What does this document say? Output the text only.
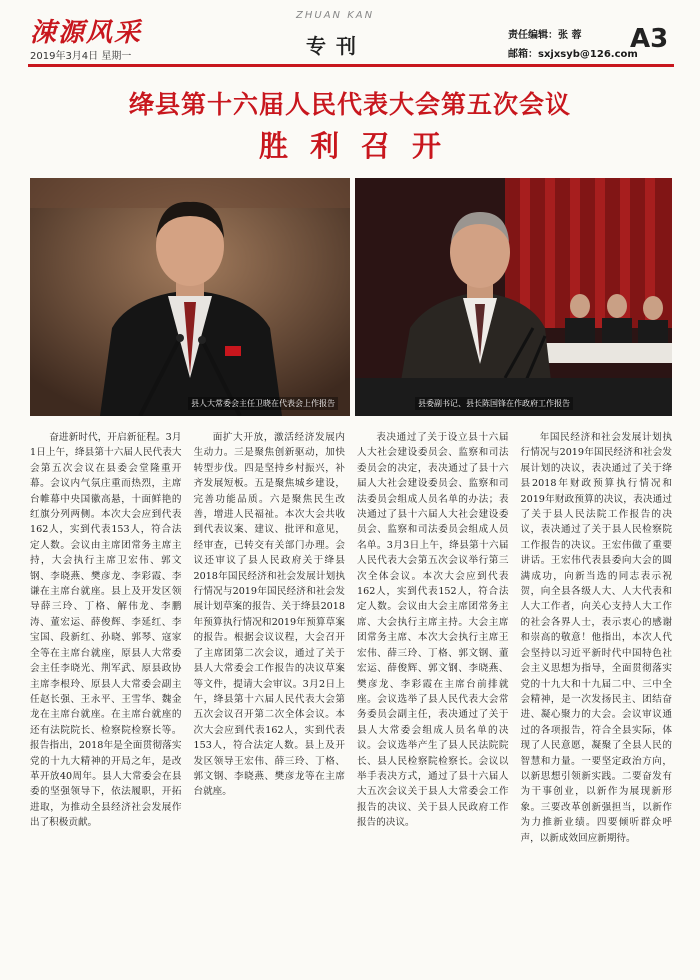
涑源风采
2019年3月4日 星期一
ZHUAN KAN
专刊	责任编辑：张 蓉
邮箱：sxjxsyb@126.com
A3
绛县第十六届人民代表大会第五次会议
胜利召开
县人大常委会主任卫晓在代表会上作报告	县委副书记、县长陈国锋在作政府工作报告

奋进新时代，开启新征程。3月1日上午，绛县第十六届人民代表大会第五次会议在县委会堂隆重开幕。会议内气氛庄重而热烈，主席台帷幕中央国徽高悬，十面鲜艳的红旗分列两侧。本次大会应到代表162人，实到代表153人，符合法定人数。会议由主席团常务主席主持，大会执行主席卫宏伟、郭文钢、李晓燕、樊彦龙、李彩霞、李谦在主席台就座。县上及开发区领导薛三玲、丁格、解伟龙、李鹏涛、董宏运、薛俊辉、李延红、李宝国、段新红、孙晓、郭琴、寇家全等在主席台就座，原县人大常委会主任李晓光、荆军武、原县政协主席李根玲、原县人大常委会副主任赵长强、王永平、王雪华、魏金龙在主席台就座。在主席台就座的还有法院院长、检察院检察长等。报告指出，2018年是全面贯彻落实党的十九大精神的开局之年，是改革开放40周年。县人大常委会在县委的坚强领导下，依法履职，开拓进取，为推动全县经济社会发展作出了积极贡献。

面扩大开放，激活经济发展内生动力。三是聚焦创新驱动，加快转型步伐。四是坚持乡村振兴，补齐发展短板。五是聚焦城乡建设，完善功能品质。六是聚焦民生改善，增进人民福祉。本次大会共收到代表议案、建议、批评和意见，经审查，已转交有关部门办理。会议还审议了县人民政府关于绛县2018年国民经济和社会发展计划执行情况与2019年国民经济和社会发展计划草案的报告、关于绛县2018年预算执行情况和2019年预算草案的报告。根据会议议程，大会召开了主席团第二次会议，通过了关于县人大常委会工作报告的决议草案等文件，提请大会审议。3月2日上午，绛县第十六届人民代表大会第五次会议召开第二次全体会议。本次大会应到代表162人，实到代表153人，符合法定人数。县上及开发区领导王宏伟、薛三玲、丁格、郭文钢、李晓燕、樊彦龙等在主席台就座。

表决通过了关于设立县十六届人大社会建设委员会、监察和司法委员会的决定，表决通过了县十六届人大社会建设委员会、监察和司法委员会组成人员名单的办法；表决通过了县十六届人大社会建设委员会、监察和司法委员会组成人员名单。3月3日上午，绛县第十六届人民代表大会第五次会议举行第三次全体会议。本次大会应到代表162人，实到代表152人，符合法定人数。会议由大会主席团常务主席、大会执行主席主持。大会主席团常务主席、本次大会执行主席王宏伟、薛三玲、丁格、郭文钢、董宏运、薛俊辉、郭文钢、李晓燕、樊彦龙、李彩霞在主席台前排就座。会议选举了县人民代表大会常务委员会副主任，表决通过了关于县人大常委会组成人员名单的决议。会议选举产生了县人民法院院长、县人民检察院检察长。会议以举手表决方式，通过了县十六届人大五次会议关于县人大常委会工作报告的决议、关于县人民政府工作报告的决议。

年国民经济和社会发展计划执行情况与2019年国民经济和社会发展计划的决议，表决通过了关于绛县2018年财政预算执行情况和2019年财政预算的决议，表决通过了关于县人民法院工作报告的决议，表决通过了关于县人民检察院工作报告的决议。王宏伟做了重要讲话。王宏伟代表县委向大会的圆满成功，向新当选的同志表示祝贺，向全县各级人大、人大代表和人大工作者，向关心支持人大工作的社会各界人士，表示衷心的感谢和崇高的敬意！他指出，本次人代会坚持以习近平新时代中国特色社会主义思想为指导，全面贯彻落实党的十九大和十九届二中、三中全会精神，是一次发扬民主、团结奋进、凝心聚力的大会。会议审议通过的各项报告，符合全县实际，体现了人民意愿，凝聚了全县人民的智慧和力量。一要坚定政治方向，以新思想引领新实践。二要奋发有为干事创业，以新作为展现新形象。三要改革创新强担当，以新作为力推新业绩。四要倾听群众呼声，以新成效回应新期待。
